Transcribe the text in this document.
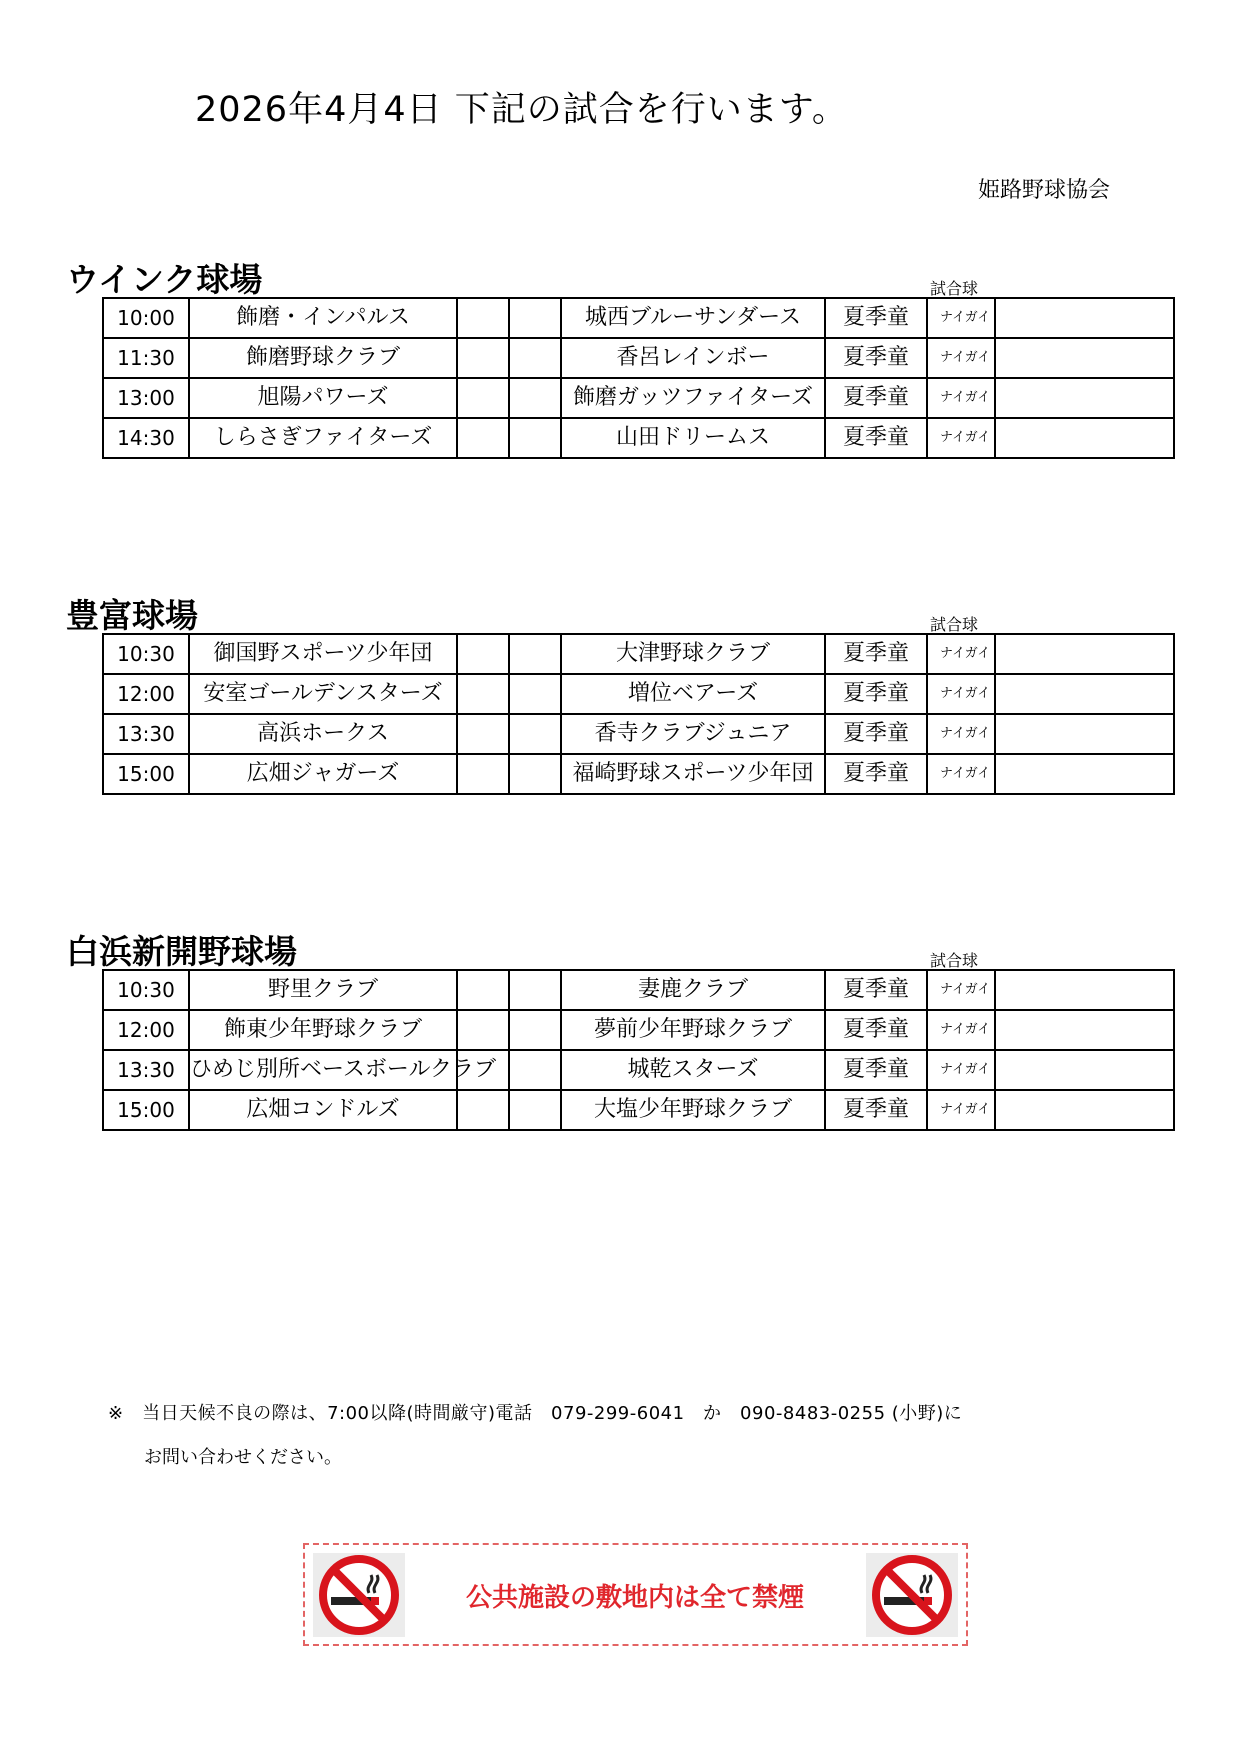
2026年4月4日 下記の試合を行います。
姫路野球協会
ウインク球場	試合球
10:00	飾磨・インパルス			城西ブルーサンダース	夏季童	ナイガイ	
11:30	飾磨野球クラブ			香呂レインボー	夏季童	ナイガイ	
13:00	旭陽パワーズ			飾磨ガッツファイターズ	夏季童	ナイガイ	
14:30	しらさぎファイターズ			山田ドリームス	夏季童	ナイガイ	
豊富球場	試合球
10:30	御国野スポーツ少年団			大津野球クラブ	夏季童	ナイガイ	
12:00	安室ゴールデンスターズ			増位ベアーズ	夏季童	ナイガイ	
13:30	高浜ホークス			香寺クラブジュニア	夏季童	ナイガイ	
15:00	広畑ジャガーズ			福崎野球スポーツ少年団	夏季童	ナイガイ	
白浜新開野球場	試合球
10:30	野里クラブ			妻鹿クラブ	夏季童	ナイガイ	
12:00	飾東少年野球クラブ			夢前少年野球クラブ	夏季童	ナイガイ	
13:30	ひめじ別所ベースボールクラブ			城乾スターズ	夏季童	ナイガイ	
15:00	広畑コンドルズ			大塩少年野球クラブ	夏季童	ナイガイ	
※　当日天候不良の際は、7:00以降(時間厳守)電話　079-299-6041　か　090-8483-0255 (小野)に
お問い合わせください。
公共施設の敷地内は全て禁煙
